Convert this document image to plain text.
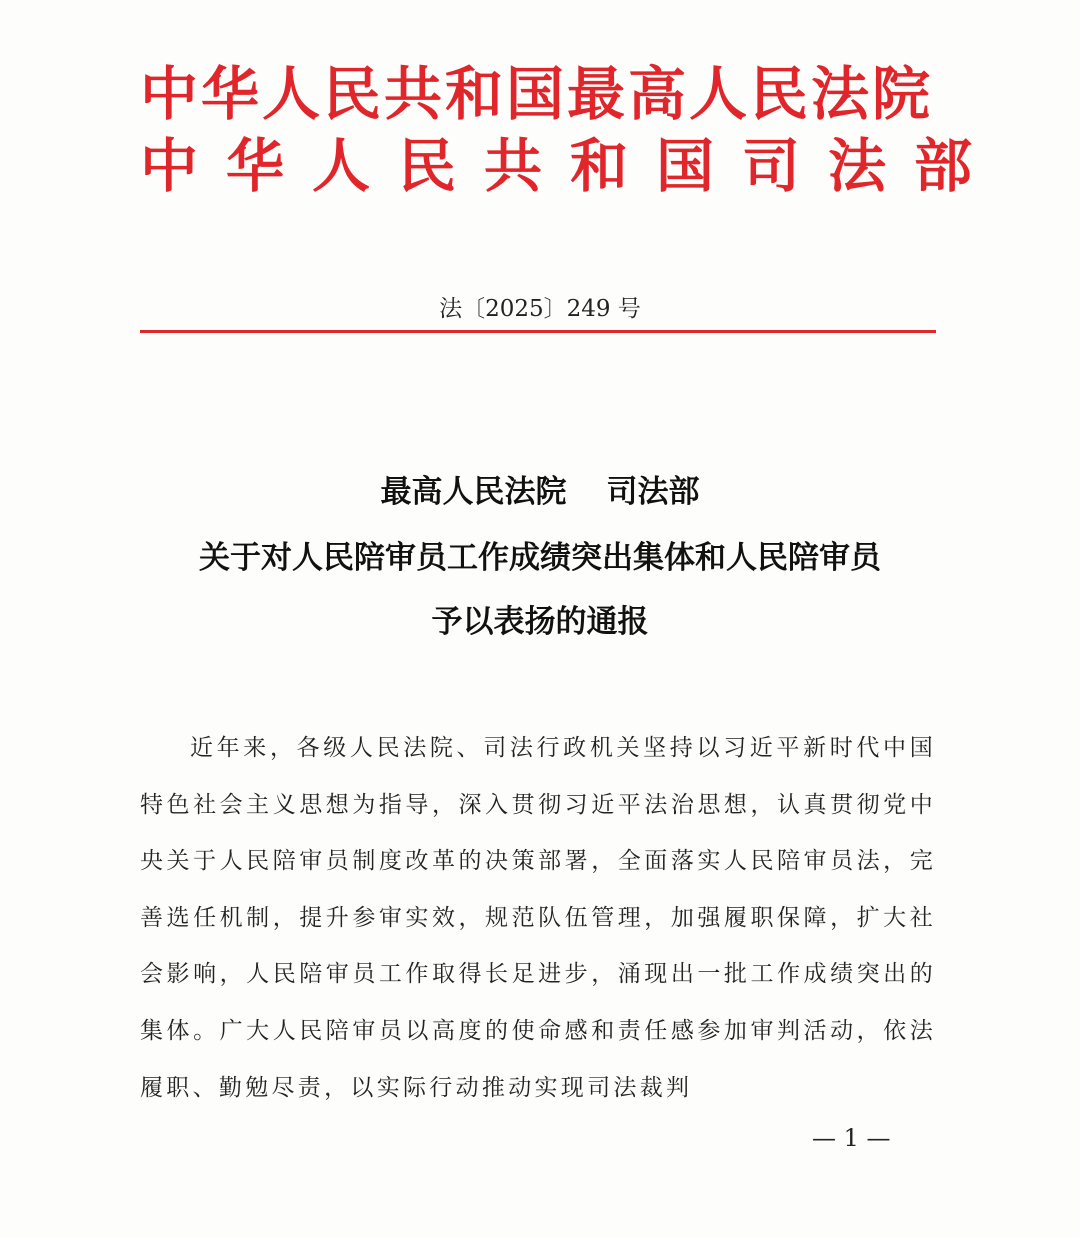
中华人民共和国最高人民法院
中华人民共和国司法部
法〔2025〕249 号
最高人民法院 司法部
关于对人民陪审员工作成绩突出集体和人民陪审员
予以表扬的通报
近年来，各级人民法院、司法行政机关坚持以习近平新时代中国特色社会主义思想为指导，深入贯彻习近平法治思想，认真贯彻党中央关于人民陪审员制度改革的决策部署，全面落实人民陪审员法，完善选任机制，提升参审实效，规范队伍管理，加强履职保障，扩大社会影响，人民陪审员工作取得长足进步，涌现出一批工作成绩突出的集体。广大人民陪审员以高度的使命感和责任感参加审判活动，依法履职、勤勉尽责，以实际行动推动实现司法裁判
— 1 —
